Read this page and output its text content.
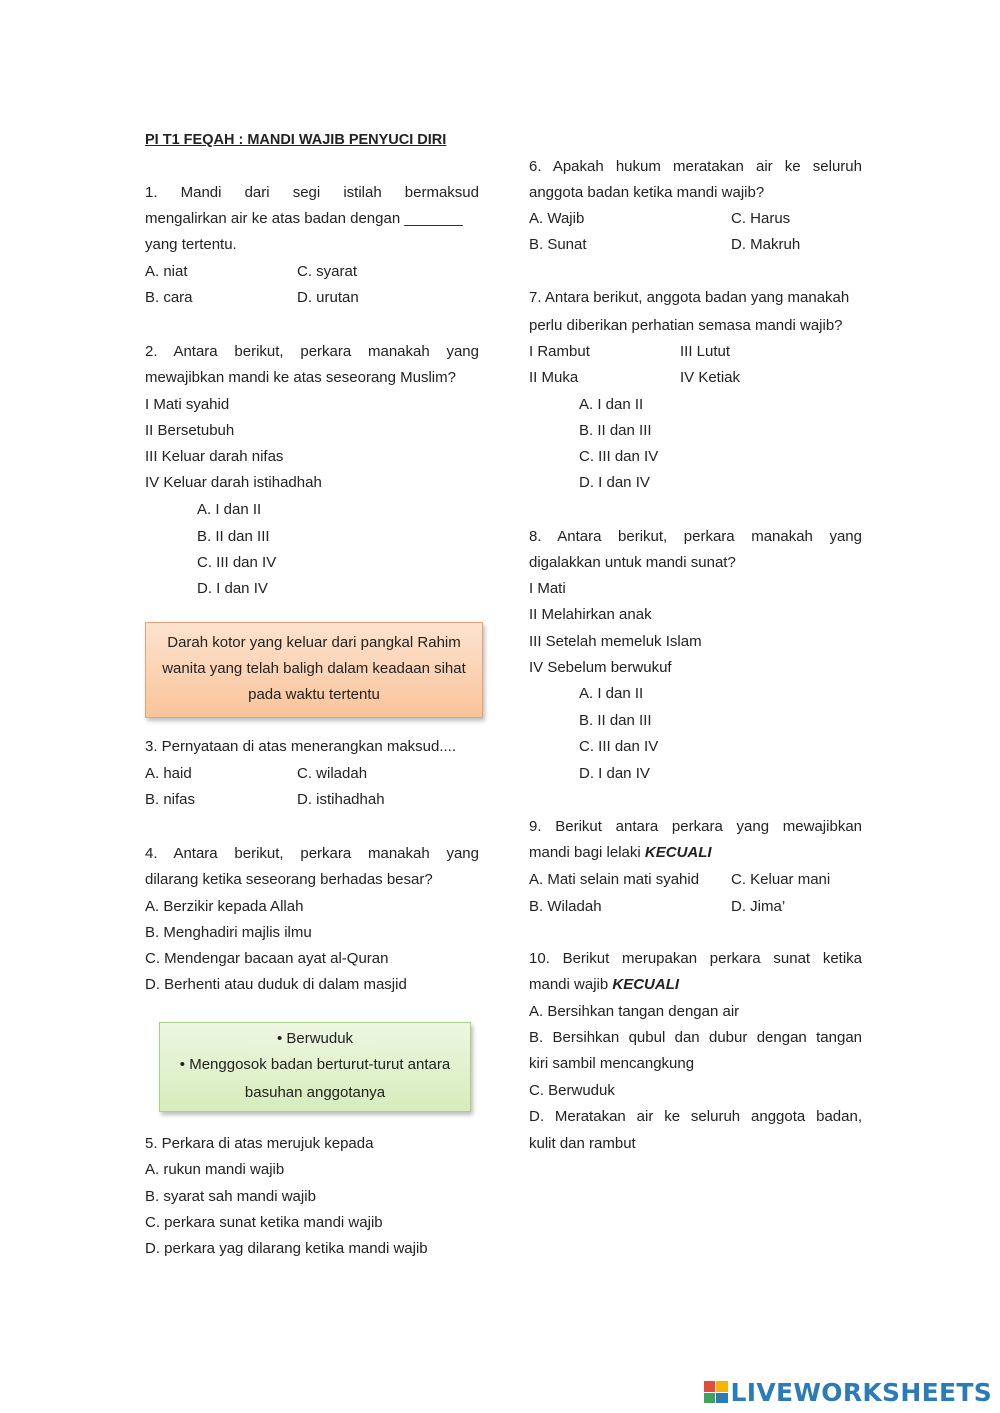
PI T1 FEQAH : MANDI WAJIB PENYUCI DIRI
1. Mandi dari segi istilah bermaksud
mengalirkan air ke atas badan dengan _______
yang tertentu.
A. niat	C. syarat
B. cara	D. urutan
2. Antara berikut, perkara manakah yang
mewajibkan mandi ke atas seseorang Muslim?
I Mati syahid
II Bersetubuh
III Keluar darah nifas
IV Keluar darah istihadhah
A. I dan II
B. II dan III
C. III dan IV
D. I dan IV
Darah kotor yang keluar dari pangkal Rahim
wanita yang telah baligh dalam keadaan sihat
pada waktu tertentu
3. Pernyataan di atas menerangkan maksud....
A. haid	C. wiladah
B. nifas	D. istihadhah
4. Antara berikut, perkara manakah yang
dilarang ketika seseorang berhadas besar?
A. Berzikir kepada Allah
B. Menghadiri majlis ilmu
C. Mendengar bacaan ayat al-Quran
D. Berhenti atau duduk di dalam masjid
• Berwuduk
• Menggosok badan berturut-turut antara
basuhan anggotanya
5. Perkara di atas merujuk kepada
A. rukun mandi wajib
B. syarat sah mandi wajib
C. perkara sunat ketika mandi wajib
D. perkara yag dilarang ketika mandi wajib
6. Apakah hukum meratakan air ke seluruh
anggota badan ketika mandi wajib?
A. Wajib	C. Harus
B. Sunat	D. Makruh
7. Antara berikut, anggota badan yang manakah
perlu diberikan perhatian semasa mandi wajib?
I Rambut	III Lutut
II Muka	IV Ketiak
A. I dan II
B. II dan III
C. III dan IV
D. I dan IV
8. Antara berikut, perkara manakah yang
digalakkan untuk mandi sunat?
I Mati
II Melahirkan anak
III Setelah memeluk Islam
IV Sebelum berwukuf
A. I dan II
B. II dan III
C. III dan IV
D. I dan IV
9. Berikut antara perkara yang mewajibkan
mandi bagi lelaki KECUALI
A. Mati selain mati syahid C. Keluar mani
B. Wiladah	D. Jima’
10. Berikut merupakan perkara sunat ketika
mandi wajib KECUALI
A. Bersihkan tangan dengan air
B. Bersihkan qubul dan dubur dengan tangan
kiri sambil mencangkung
C. Berwuduk
D. Meratakan air ke seluruh anggota badan,
kulit dan rambut
LIVEWORKSHEETS
